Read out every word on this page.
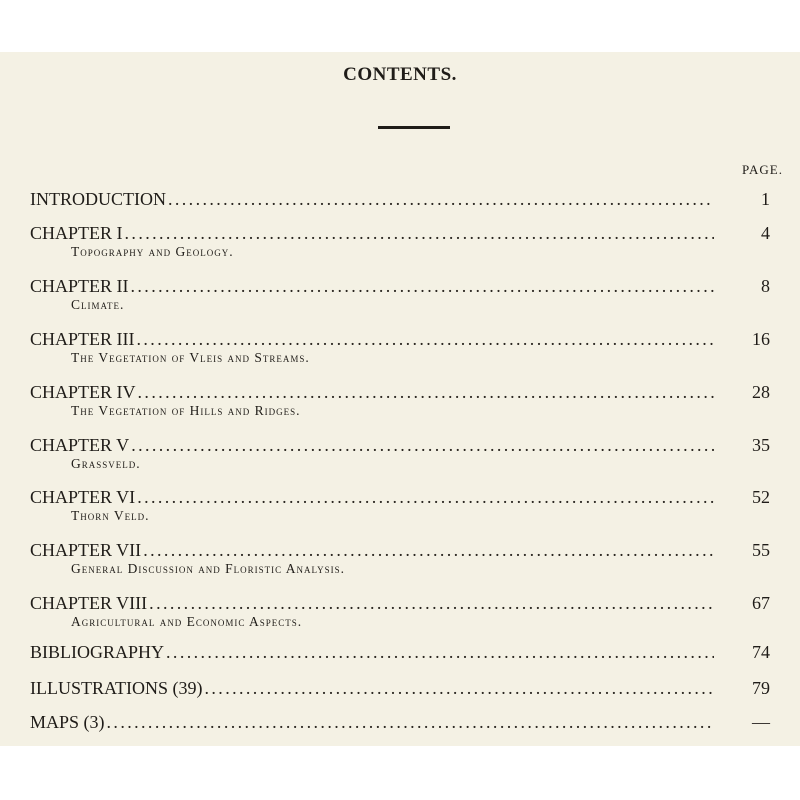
CONTENTS.
PAGE.
INTRODUCTION .....	1
CHAPTER I .....	4
Topography and Geology.
CHAPTER II .....	8
Climate.
CHAPTER III .....	16
The Vegetation of Vleis and Streams.
CHAPTER IV .....	28
The Vegetation of Hills and Ridges.
CHAPTER V .....	35
Grassveld.
CHAPTER VI .....	52
Thorn Veld.
CHAPTER VII .....	55
General Discussion and Floristic Analysis.
CHAPTER VIII .....	67
Agricultural and Economic Aspects.
BIBLIOGRAPHY .....	74
ILLUSTRATIONS (39) .....	79
MAPS (3) .....	—
